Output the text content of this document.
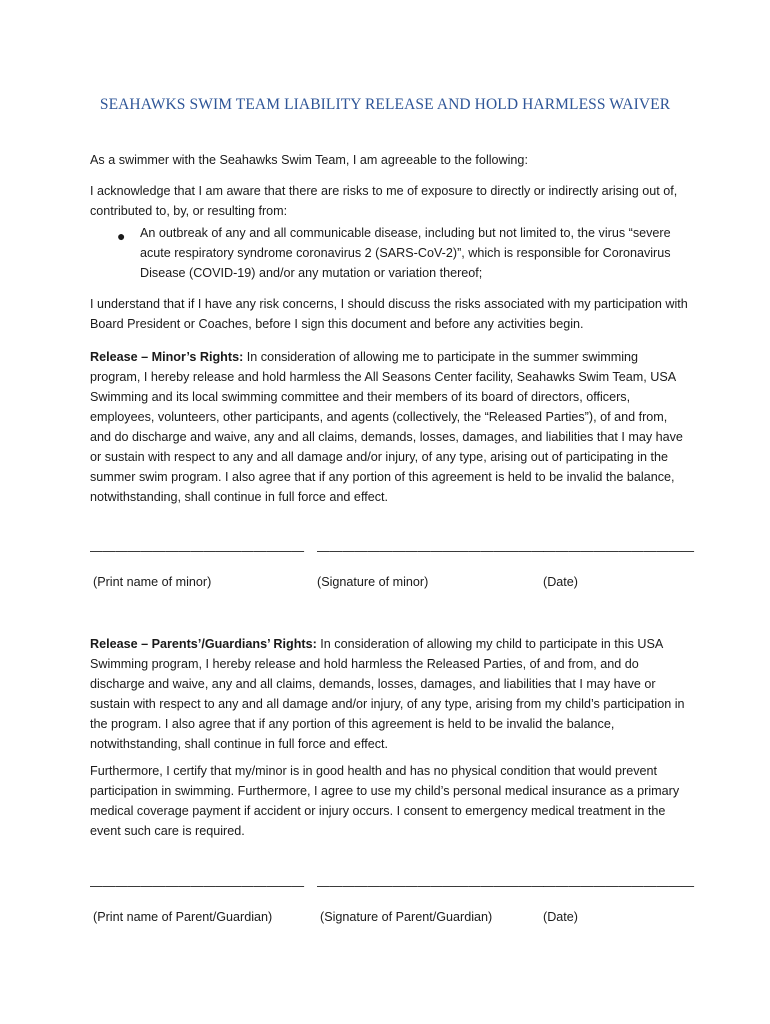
SEAHAWKS SWIM TEAM LIABILITY RELEASE AND HOLD HARMLESS WAIVER

As a swimmer with the Seahawks Swim Team, I am agreeable to the following:

I acknowledge that I am aware that there are risks to me of exposure to directly or indirectly arising out of, contributed to, by, or resulting from:

● An outbreak of any and all communicable disease, including but not limited to, the virus “severe acute respiratory syndrome coronavirus 2 (SARS-CoV-2)”, which is responsible for Coronavirus Disease (COVID-19) and/or any mutation or variation thereof;

I understand that if I have any risk concerns, I should discuss the risks associated with my participation with Board President or Coaches, before I sign this document and before any activities begin.

Release – Minor’s Rights: In consideration of allowing me to participate in the summer swimming program, I hereby release and hold harmless the All Seasons Center facility, Seahawks Swim Team, USA Swimming and its local swimming committee and their members of its board of directors, officers, employees, volunteers, other participants, and agents (collectively, the “Released Parties”), of and from, and do discharge and waive, any and all claims, demands, losses, damages, and liabilities that I may have or sustain with respect to any and all damage and/or injury, of any type, arising out of participating in the summer swim program. I also agree that if any portion of this agreement is held to be invalid the balance, notwithstanding, shall continue in full force and effect.

————————————————— —————————————————— ————————————
(Print name of minor)	(Signature of minor)	(Date)

Release – Parents’/Guardians’ Rights: In consideration of allowing my child to participate in this USA Swimming program, I hereby release and hold harmless the Released Parties, of and from, and do discharge and waive, any and all claims, demands, losses, damages, and liabilities that I may have or sustain with respect to any and all damage and/or injury, of any type, arising from my child’s participation in the program. I also agree that if any portion of this agreement is held to be invalid the balance, notwithstanding, shall continue in full force and effect.

Furthermore, I certify that my/minor is in good health and has no physical condition that would prevent participation in swimming. Furthermore, I agree to use my child’s personal medical insurance as a primary medical coverage payment if accident or injury occurs. I consent to emergency medical treatment in the event such care is required.

————————————————— —————————————————— ————————————
(Print name of Parent/Guardian)	(Signature of Parent/Guardian)	(Date)
